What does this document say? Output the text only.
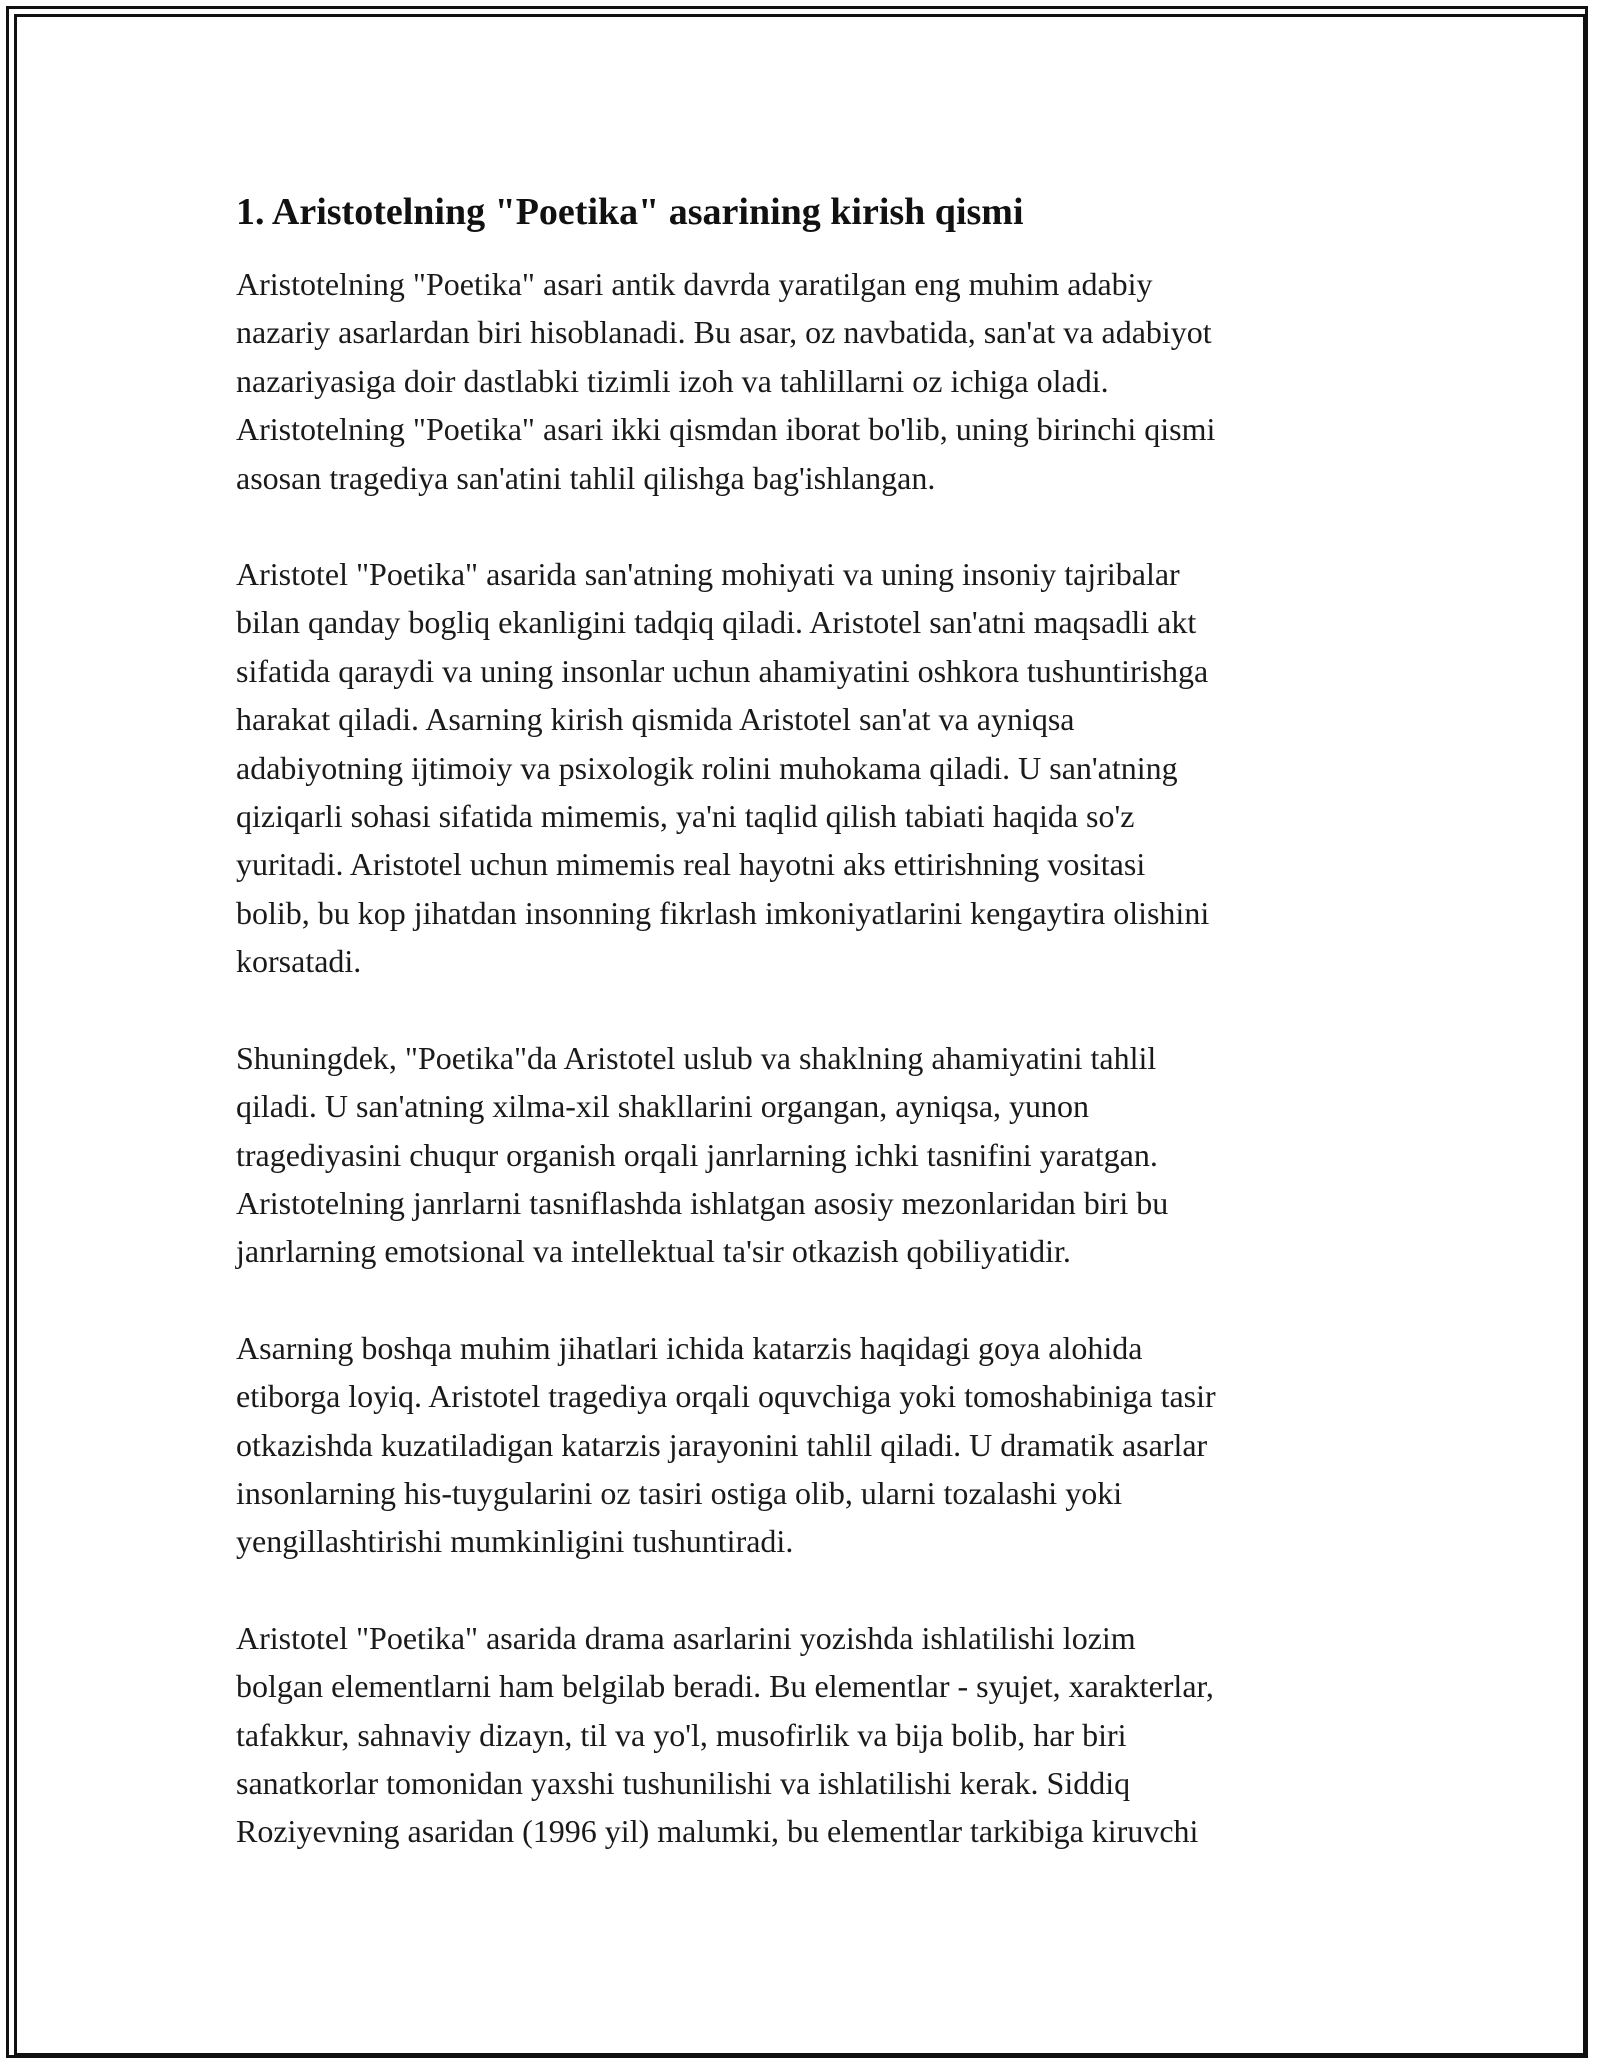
1. Aristotelning "Poetika" asarining kirish qismi

Aristotelning "Poetika" asari antik davrda yaratilgan eng muhim adabiy
nazariy asarlardan biri hisoblanadi. Bu asar, oz navbatida, san'at va adabiyot
nazariyasiga doir dastlabki tizimli izoh va tahlillarni oz ichiga oladi.
Aristotelning "Poetika" asari ikki qismdan iborat bo'lib, uning birinchi qismi
asosan tragediya san'atini tahlil qilishga bag'ishlangan.

Aristotel "Poetika" asarida san'atning mohiyati va uning insoniy tajribalar
bilan qanday bogliq ekanligini tadqiq qiladi. Aristotel san'atni maqsadli akt
sifatida qaraydi va uning insonlar uchun ahamiyatini oshkora tushuntirishga
harakat qiladi. Asarning kirish qismida Aristotel san'at va ayniqsa
adabiyotning ijtimoiy va psixologik rolini muhokama qiladi. U san'atning
qiziqarli sohasi sifatida mimemis, ya'ni taqlid qilish tabiati haqida so'z
yuritadi. Aristotel uchun mimemis real hayotni aks ettirishning vositasi
bolib, bu kop jihatdan insonning fikrlash imkoniyatlarini kengaytira olishini
korsatadi.

Shuningdek, "Poetika"da Aristotel uslub va shaklning ahamiyatini tahlil
qiladi. U san'atning xilma-xil shakllarini organgan, ayniqsa, yunon
tragediyasini chuqur organish orqali janrlarning ichki tasnifini yaratgan.
Aristotelning janrlarni tasniflashda ishlatgan asosiy mezonlaridan biri bu
janrlarning emotsional va intellektual ta'sir otkazish qobiliyatidir.

Asarning boshqa muhim jihatlari ichida katarzis haqidagi goya alohida
etiborga loyiq. Aristotel tragediya orqali oquvchiga yoki tomoshabiniga tasir
otkazishda kuzatiladigan katarzis jarayonini tahlil qiladi. U dramatik asarlar
insonlarning his-tuygularini oz tasiri ostiga olib, ularni tozalashi yoki
yengillashtirishi mumkinligini tushuntiradi.

Aristotel "Poetika" asarida drama asarlarini yozishda ishlatilishi lozim
bolgan elementlarni ham belgilab beradi. Bu elementlar - syujet, xarakterlar,
tafakkur, sahnaviy dizayn, til va yo'l, musofirlik va bija bolib, har biri
sanatkorlar tomonidan yaxshi tushunilishi va ishlatilishi kerak. Siddiq
Roziyevning asaridan (1996 yil) malumki, bu elementlar tarkibiga kiruvchi
